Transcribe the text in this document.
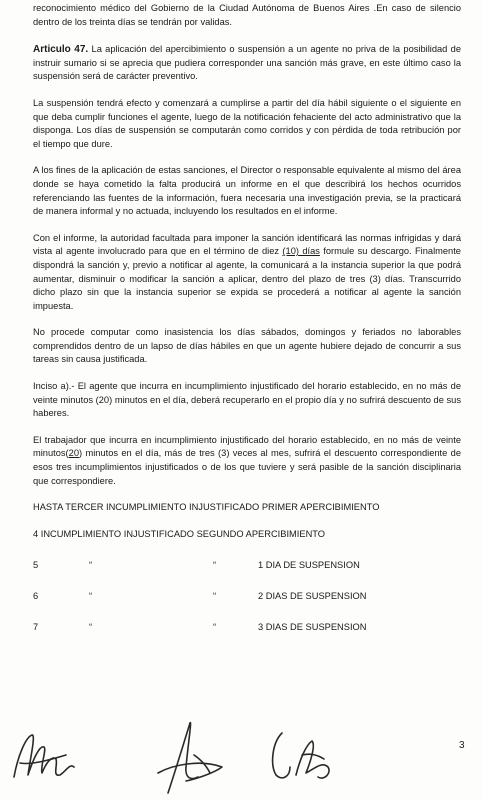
reconocimiento médico del Gobierno de la Ciudad Autónoma de Buenos Aires .En caso de silencio dentro de los treinta días se tendrán por validas.

Articulo 47. La aplicación del apercibimiento o suspensión a un agente no priva de la posibilidad de instruir sumario si se aprecia que pudiera corresponder una sanción más grave, en este último caso la suspensión será de carácter preventivo.

La suspensión tendrá efecto y comenzará a cumplirse a partir del día hábil siguiente o el siguiente en que deba cumplir funciones el agente, luego de la notificación fehaciente del acto administrativo que la disponga. Los días de suspensión se computarán como corridos y con pérdida de toda retribución por el tiempo que dure.

A los fines de la aplicación de estas sanciones, el Director o responsable equivalente al mismo del área donde se haya cometido la falta producirá un informe en el que describirá los hechos ocurridos referenciando las fuentes de la información, fuera necesaria una investigación previa, se la practicará de manera informal y no actuada, incluyendo los resultados en el informe.

Con el informe, la autoridad facultada para imponer la sanción identificará las normas infrigidas y dará vista al agente involucrado para que en el término de diez (10) días formule su descargo. Finalmente dispondrá la sanción y, previo a notificar al agente, la comunicará a la instancia superior la que podrá aumentar, disminuir o modificar la sanción a aplicar, dentro del plazo de tres (3) días. Transcurrido dicho plazo sin que la instancia superior se expida se procederá a notificar al agente la sanción impuesta.

No procede computar como inasistencia los días sábados, domingos y feriados no laborables comprendidos dentro de un lapso de días hábiles en que un agente hubiere dejado de concurrir a sus tareas sin causa justificada.

Inciso a).- El agente que incurra en incumplimiento injustificado del horario establecido, en no más de veinte minutos (20) minutos en el día, deberá recuperarlo en el propio día y no sufrirá descuento de sus haberes.

El trabajador que incurra en incumplimiento injustificado del horario establecido, en no más de veinte minutos(20) minutos en el día, más de tres (3) veces al mes, sufrirá el descuento correspondiente de esos tres incumplimientos injustificados o de los que tuviere y será pasible de la sanción disciplinaria que correspondiere.

HASTA TERCER INCUMPLIMIENTO INJUSTIFICADO PRIMER APERCIBIMIENTO

4 INCUMPLIMIENTO INJUSTIFICADO SEGUNDO APERCIBIMIENTO

5	“	“	1 DIA DE SUSPENSION
6	“	“	2 DIAS DE SUSPENSION
7	“	“	3 DIAS DE SUSPENSION
3
